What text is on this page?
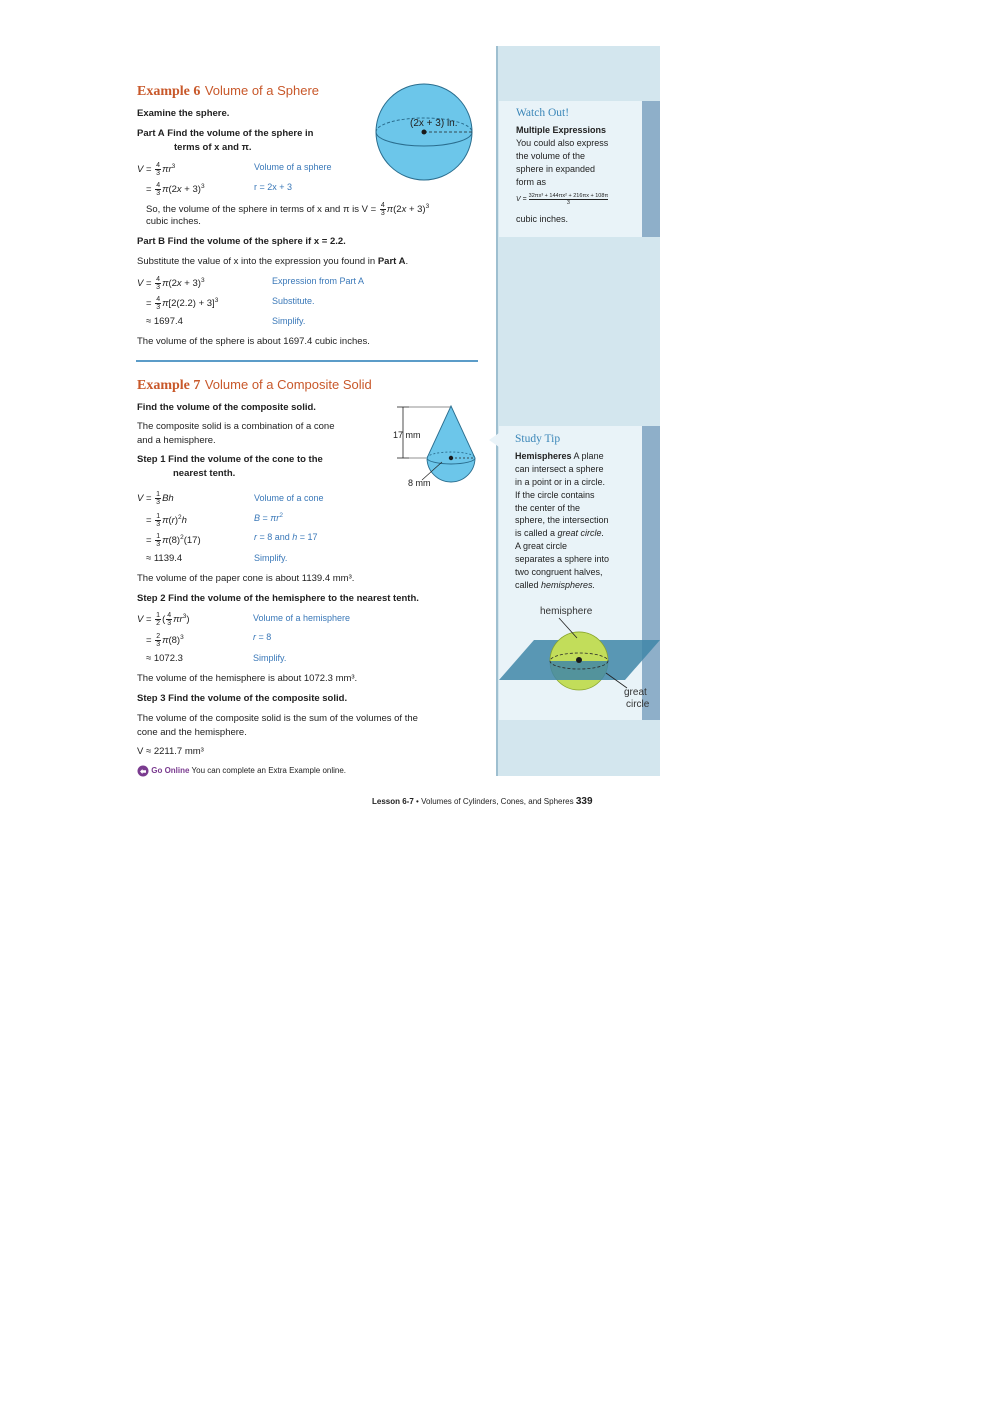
Watch Out!
Multiple Expressions
You could also express
the volume of the
sphere in expanded
form as
$V = \frac{\text{32πx³ + 144πx² + 216πx + 108π}}{3}$
cubic inches.
Study Tip
Hemispheres A plane
can intersect a sphere
in a point or in a circle.
If the circle contains
the center of the
sphere, the intersection
is called a great circle.
A great circle
separates a sphere into
two congruent halves,
called hemispheres.
hemisphere
great
circle
Example 6 Volume of a Sphere
Examine the sphere.
(2x + 3) in.
Part A Find the volume of the sphere in
terms of x and π.
$V = \frac{4}{3} \pi r^3$	Volume of a sphere
= $\frac{4}{3} \pi(2x + 3)^3$	r = 2x + 3
So, the volume of the sphere in terms of x and π is $V = \frac{4}{3} \pi(2x + 3)^3$
cubic inches.
Part B Find the volume of the sphere if x = 2.2.
Substitute the value of x into the expression you found in Part A.
$V = \frac{4}{3} \pi(2x + 3)^3$	Expression from Part A
= $\frac{4}{3} \pi[2(2.2) + 3]^3$	Substitute.
≈ 1697.4	Simplify.
The volume of the sphere is about 1697.4 cubic inches.
Example 7 Volume of a Composite Solid
Find the volume of the composite solid.
The composite solid is a combination of a cone
and a hemisphere.	17 mm
8 mm
Step 1 Find the volume of the cone to the
nearest tenth.
$V = \frac{1}{3}$ Bh	Volume of a cone
= $\frac{1}{3} \pi(r)^2h$	$B = \pi r^2$
= $\frac{1}{3} \pi(8)^2(17)$	r = 8 and h = 17
≈ 1139.4	Simplify.
The volume of the paper cone is about 1139.4 mm³.
Step 2 Find the volume of the hemisphere to the nearest tenth.
$V = \frac{1}{2}$ ( $\frac{4}{3} \pi r^3$)	Volume of a hemisphere
= $\frac{2}{3} \pi(8)^3$	r = 8
≈ 1072.3	Simplify.
The volume of the hemisphere is about 1072.3 mm³.
Step 3 Find the volume of the composite solid.
The volume of the composite solid is the sum of the volumes of the
cone and the hemisphere.
V ≈ 2211.7 mm³
Go Online You can complete an Extra Example online.
Lesson 6-7 • Volumes of Cylinders, Cones, and Spheres 339
